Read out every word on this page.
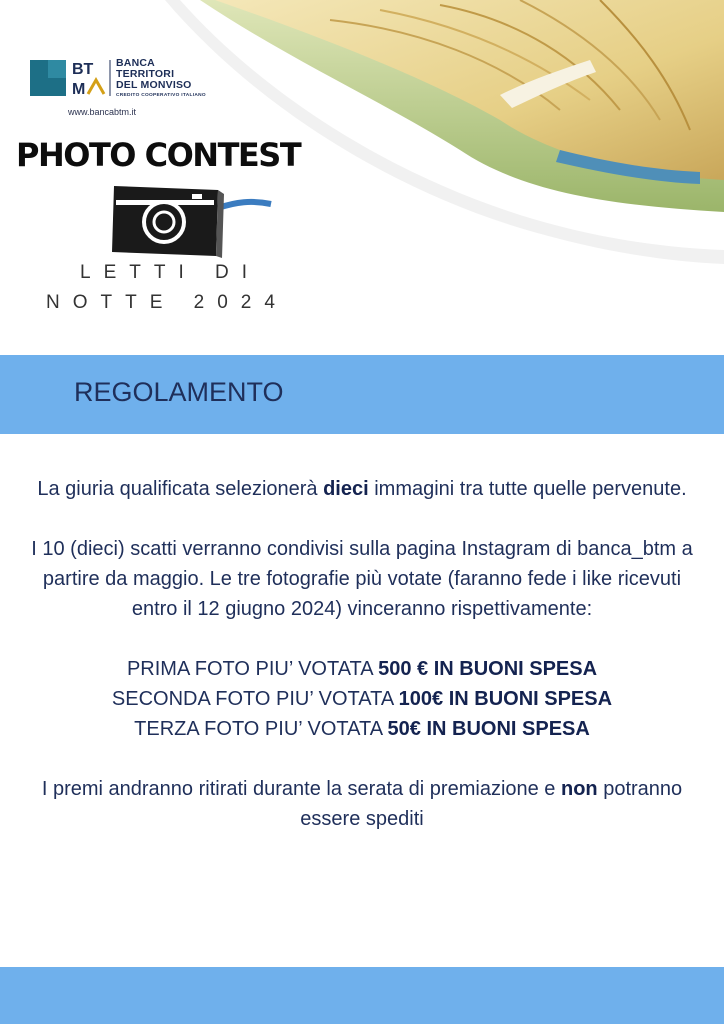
BT
M
BANCA
TERRITORI
DEL MONVISO
CREDITO COOPERATIVO ITALIANO
www.bancabtm.it
PHOTO CONTEST
LETTI DI
NOTTE 2024
REGOLAMENTO

La giuria qualificata selezionerà dieci immagini tra tutte quelle pervenute.

I 10 (dieci) scatti verranno condivisi sulla pagina Instagram di banca_btm a partire da maggio. Le tre fotografie più votate (faranno fede i like ricevuti entro il 12 giugno 2024) vinceranno rispettivamente:

PRIMA FOTO PIU’ VOTATA 500 € IN BUONI SPESA

SECONDA FOTO PIU’ VOTATA 100€ IN BUONI SPESA

TERZA FOTO PIU’ VOTATA 50€ IN BUONI SPESA

I premi andranno ritirati durante la serata di premiazione e non potranno essere spediti
